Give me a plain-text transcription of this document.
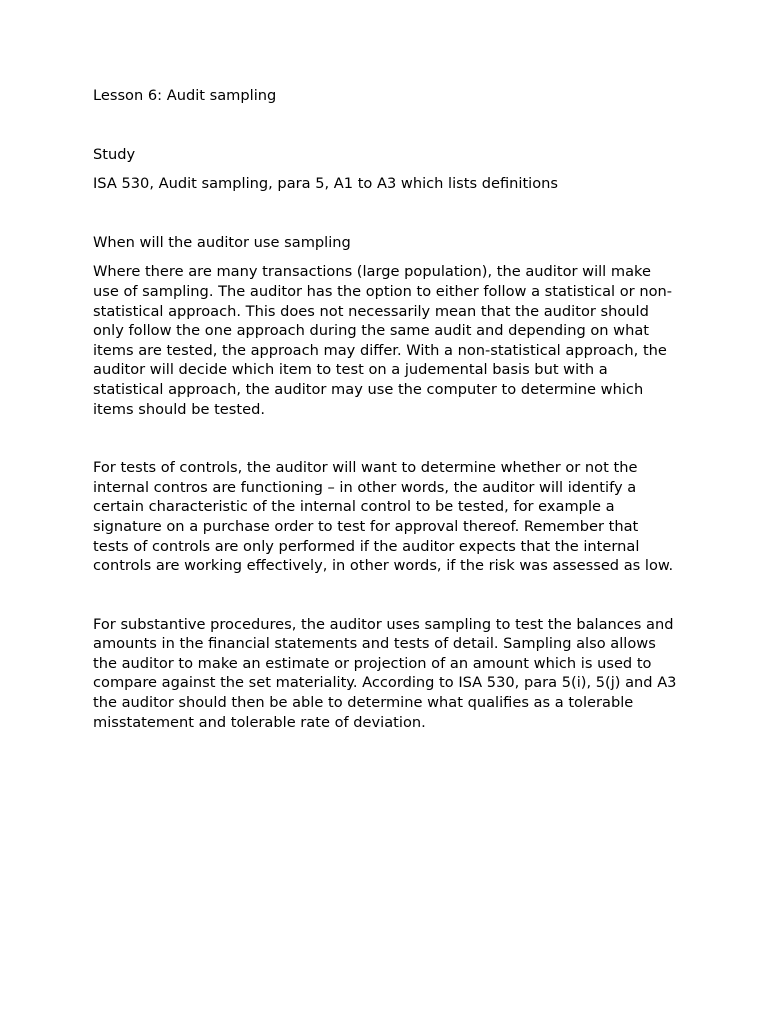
Lesson 6: Audit sampling

Study

ISA 530, Audit sampling, para 5, A1 to A3 which lists definitions

When will the auditor use sampling

Where there are many transactions (large population), the auditor will make use of sampling. The auditor has the option to either follow a statistical or non-statistical approach. This does not necessarily mean that the auditor should only follow the one approach during the same audit and depending on what items are tested, the approach may differ. With a non-statistical approach, the auditor will decide which item to test on a judemental basis but with a statistical approach, the auditor may use the computer to determine which items should be tested.

For tests of controls, the auditor will want to determine whether or not the internal contros are functioning – in other words, the auditor will identify a certain characteristic of the internal control to be tested, for example a signature on a purchase order to test for approval thereof. Remember that tests of controls are only performed if the auditor expects that the internal controls are working effectively, in other words, if the risk was assessed as low.

For substantive procedures, the auditor uses sampling to test the balances and amounts in the financial statements and tests of detail. Sampling also allows the auditor to make an estimate or projection of an amount which is used to compare against the set materiality. According to ISA 530, para 5(i), 5(j) and A3 the auditor should then be able to determine what qualifies as a tolerable misstatement and tolerable rate of deviation.
